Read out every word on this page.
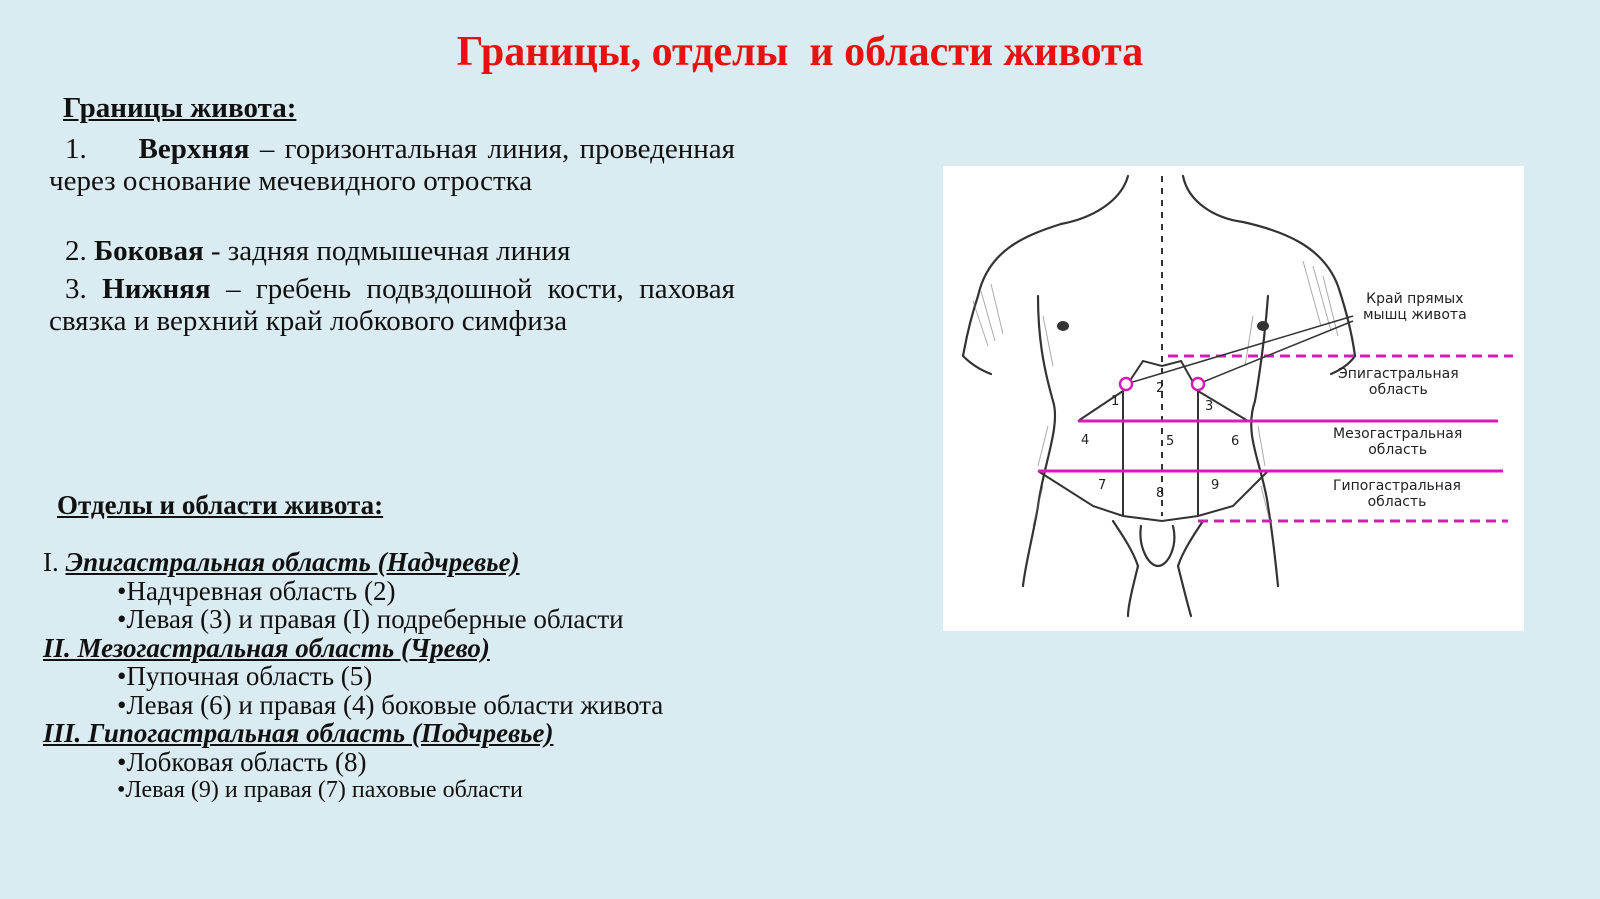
Границы, отделы  и области живота
Границы живота:
1. Верхняя – горизонтальная линия, проведенная через основание мечевидного отростка
2. Боковая - задняя подмышечная линия
3. Нижняя – гребень подвздошной кости, паховая связка и верхний край лобкового симфиза
Отделы и области живота:
I. Эпигастральная область (Надчревье)
•Надчревная область (2)
•Левая (3) и правая (I) подреберные области
II. Мезогастральная область (Чрево)
•Пупочная область (5)
•Левая (6) и правая (4) боковые области живота
III. Гипогастральная область (Подчревье)
•Лобковая область (8)
•Левая (9) и правая (7) паховые области
Край прямых
мышц живота
Эпигастральная
область
Мезогастральная
область
Гипогастральная
область
1
2
3
4	5	6
7
8
9
